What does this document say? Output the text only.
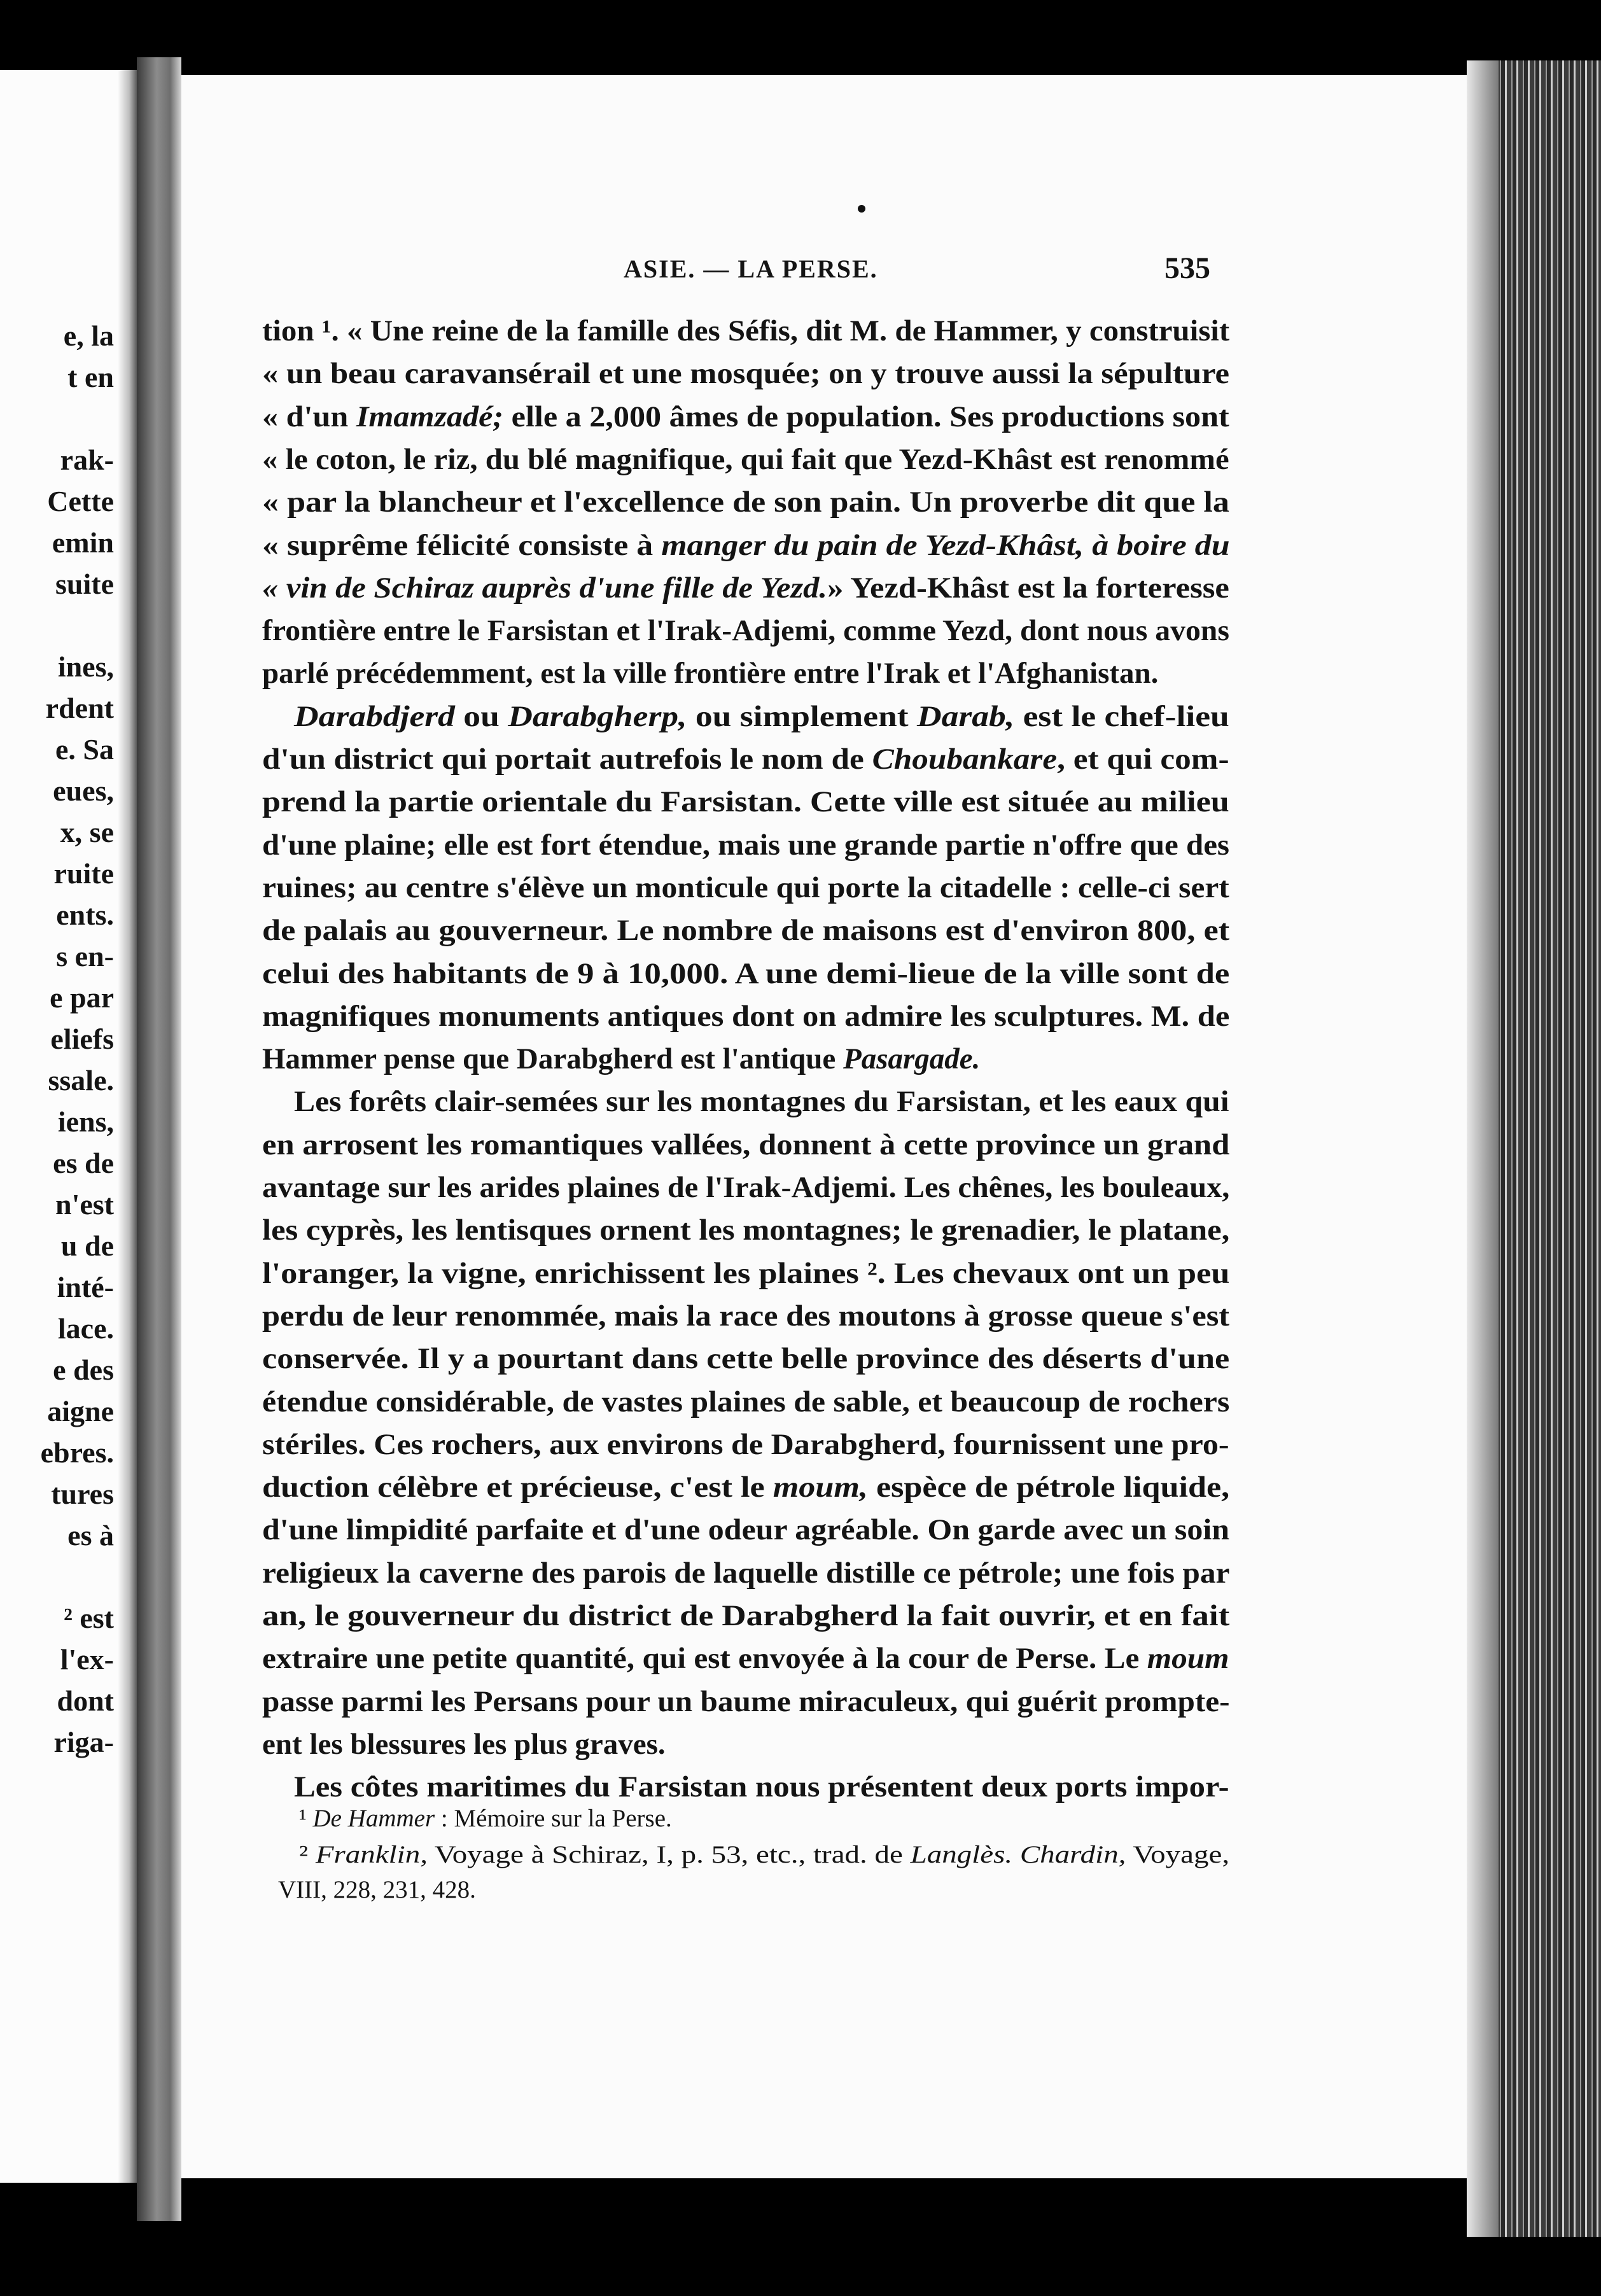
e, la
t en
rak-
Cette
emin
suite
ines,
rdent
e. Sa
eues,
x, se
ruite
ents.
s en-
e par
eliefs
ssale.
iens,
es de
n'est
u de
inté-
lace.
e des
aigne
ebres.
tures
es à
² est
l'ex-
dont
riga-
ASIE. — LA PERSE.	535
tion ¹. « Une reine de la famille des Séfis, dit M. de Hammer, y construisit
« un beau caravansérail et une mosquée; on y trouve aussi la sépulture
« d'un Imamzadé; elle a 2,000 âmes de population. Ses productions sont
« le coton, le riz, du blé magnifique, qui fait que Yezd-Khâst est renommé
« par la blancheur et l'excellence de son pain. Un proverbe dit que la
« suprême félicité consiste à manger du pain de Yezd-Khâst, à boire du
« vin de Schiraz auprès d'une fille de Yezd.» Yezd-Khâst est la forteresse
frontière entre le Farsistan et l'Irak-Adjemi, comme Yezd, dont nous avons
parlé précédemment, est la ville frontière entre l'Irak et l'Afghanistan.
Darabdjerd ou Darabgherp, ou simplement Darab, est le chef-lieu
d'un district qui portait autrefois le nom de Choubankare, et qui com-
prend la partie orientale du Farsistan. Cette ville est située au milieu
d'une plaine; elle est fort étendue, mais une grande partie n'offre que des
ruines; au centre s'élève un monticule qui porte la citadelle : celle-ci sert
de palais au gouverneur. Le nombre de maisons est d'environ 800, et
celui des habitants de 9 à 10,000. A une demi-lieue de la ville sont de
magnifiques monuments antiques dont on admire les sculptures. M. de
Hammer pense que Darabgherd est l'antique Pasargade.
Les forêts clair-semées sur les montagnes du Farsistan, et les eaux qui
en arrosent les romantiques vallées, donnent à cette province un grand
avantage sur les arides plaines de l'Irak-Adjemi. Les chênes, les bouleaux,
les cyprès, les lentisques ornent les montagnes; le grenadier, le platane,
l'oranger, la vigne, enrichissent les plaines ². Les chevaux ont un peu
perdu de leur renommée, mais la race des moutons à grosse queue s'est
conservée. Il y a pourtant dans cette belle province des déserts d'une
étendue considérable, de vastes plaines de sable, et beaucoup de rochers
stériles. Ces rochers, aux environs de Darabgherd, fournissent une pro-
duction célèbre et précieuse, c'est le moum, espèce de pétrole liquide,
d'une limpidité parfaite et d'une odeur agréable. On garde avec un soin
religieux la caverne des parois de laquelle distille ce pétrole; une fois par
an, le gouverneur du district de Darabgherd la fait ouvrir, et en fait
extraire une petite quantité, qui est envoyée à la cour de Perse. Le moum
passe parmi les Persans pour un baume miraculeux, qui guérit prompte-
ent les blessures les plus graves.
Les côtes maritimes du Farsistan nous présentent deux ports impor-
¹ De Hammer : Mémoire sur la Perse.
² Franklin, Voyage à Schiraz, I, p. 53, etc., trad. de Langlès. Chardin, Voyage,
VIII, 228, 231, 428.
